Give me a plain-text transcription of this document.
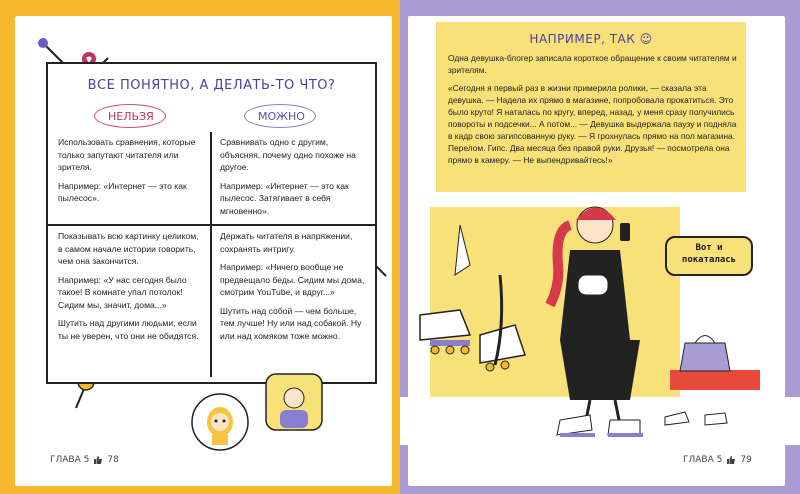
ВСЕ ПОНЯТНО, А ДЕЛАТЬ-ТО ЧТО?
НЕЛЬЗЯ	МОЖНО

Использовать сравнения, которые только запутают читателя или зрителя.

Например: «Интернет — это как пылесос».

Сравнивать одно с другим, объясняя, почему одно похоже на другое.

Например: «Интернет — это как пылесос. Затягивает в себя мгновенно».

Показывать всю картинку целиком, в самом начале истории говорить, чем она закончится.

Например: «У нас сегодня было такое! В комнате упал потолок! Сидим мы, значит, дома...»

Шутить над другими людьми, если ты не уверен, что они не обидятся.

Держать читателя в напряжении, сохранять интригу.

Например: «Ничего вообще не предвещало беды. Сидим мы дома, смотрим YouTube, и вдруг...»

Шутить над собой — чем больше, тем лучше! Ну или над собакой. Ну или над хомяком тоже можно.

ГЛАВА 5 78
НАПРИМЕР, ТАК ☺

Одна девушка-блогер записала короткое обращение к своим читателям и зрителям.

«Сегодня я первый раз в жизни примерила ролики, — сказала эта девушка. — Надела их прямо в магазине, попробовала прокатиться. Это было круто! Я наталась по кругу, вперед, назад, у меня сразу получились повороты и подсечки... А потом... — Девушка выдержала паузу и подняла в кадр свою загипсованную руку. — Я грохнулась прямо на пол магазина. Перелом. Гипс. Два месяца без правой руки. Друзья! — посмотрела она прямо в камеру. — Не выпендривайтесь!»

Вот и
покаталась
ГЛАВА 5 79
